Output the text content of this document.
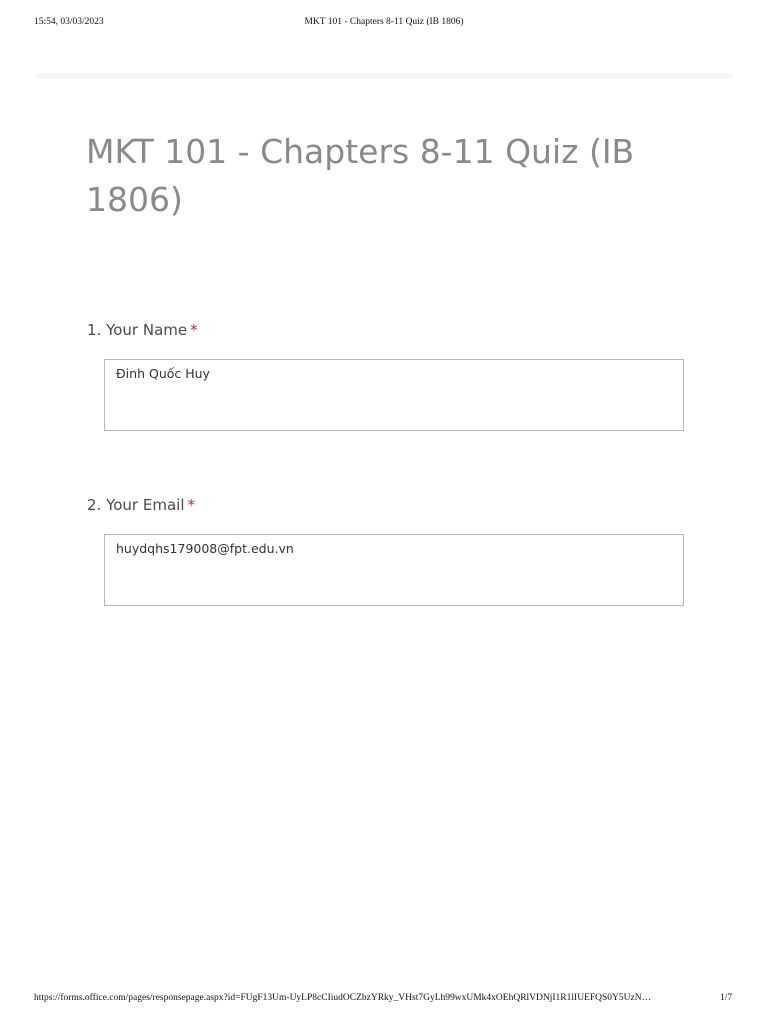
15:54, 03/03/2023	MKT 101 - Chapters 8-11 Quiz (IB 1806)
MKT 101 - Chapters 8-11 Quiz (IB 1806)
1. Your Name *
Đinh Quốc Huy
2. Your Email *
huydqhs179008@fpt.edu.vn
https://forms.office.com/pages/responsepage.aspx?id=FUgF13Um-UyLP8cCIiudOCZbzYRky_VHst7GyLh99wxUMk4xOEhQRlVDNjI1R1lIUEFQS0Y5UzN…	1/7
